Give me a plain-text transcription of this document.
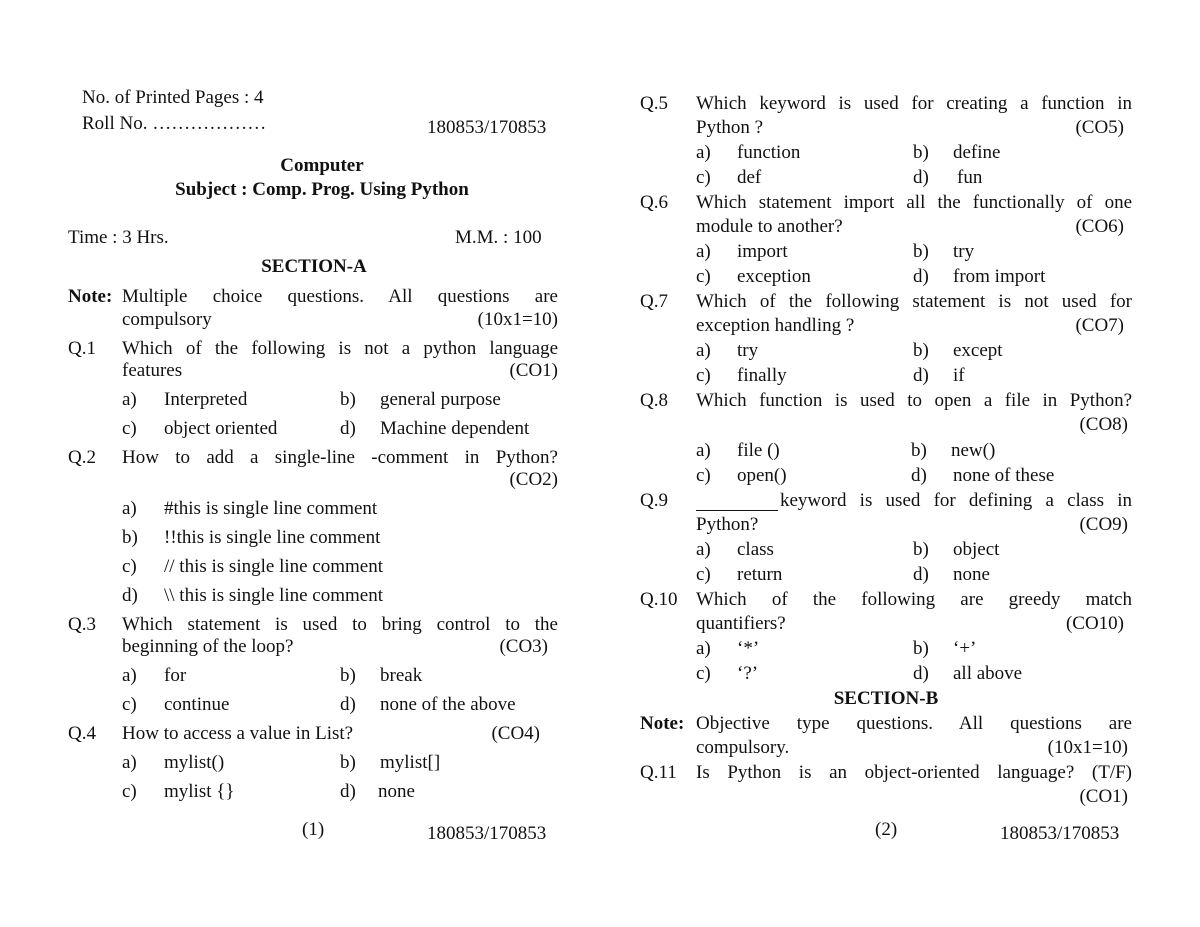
No. of Printed Pages : 4
Roll No. ………………	180853/170853
Computer
Subject : Comp. Prog. Using Python
Time : 3 Hrs.	M.M. : 100
SECTION-A
Note: Multiple choice questions. All questions are
compulsory	(10x1=10)
Q.1 Which of the following is not a python language
features	(CO1)
a) Interpreted	b) general purpose
c) object oriented	d) Machine dependent
Q.2 How to add a single-line -comment in Python?
(CO2)
a) #this is single line comment
b) !!this is single line comment
c) // this is single line comment
d) \\ this is single line comment
Q.3 Which statement is used to bring control to the
beginning of the loop?	(CO3)
a) for	b) break
c) continue	d) none of the above
Q.4 How to access a value in List?	(CO4)
a) mylist()	b) mylist[]
c) mylist {}	d) none
(1)	180853/170853
Q.5 Which keyword is used for creating a function in
Python ?	(CO5)
a) function	b) define
c) def	d) fun
Q.6 Which statement import all the functionally of one
module to another?	(CO6)
a) import	b) try
c) exception	d) from import
Q.7 Which of the following statement is not used for
exception handling ?	(CO7)
a) try	b) except
c) finally	d) if
Q.8 Which function is used to open a file in Python?
(CO8)
a) file ()	b) new()
c) open()	d) none of these
Q.9	keyword is used for defining a class in
Python?	(CO9)
a) class	b) object
c) return	d) none
Q.10 Which of the following are greedy match
quantifiers?	(CO10)
a) ‘*’	b) ‘+’
c) ‘?’	d) all above
SECTION-B
Note: Objective type questions. All questions are
compulsory.	(10x1=10)
Q.11 Is Python is an object-oriented language? (T/F)
(CO1)
(2)	180853/170853
